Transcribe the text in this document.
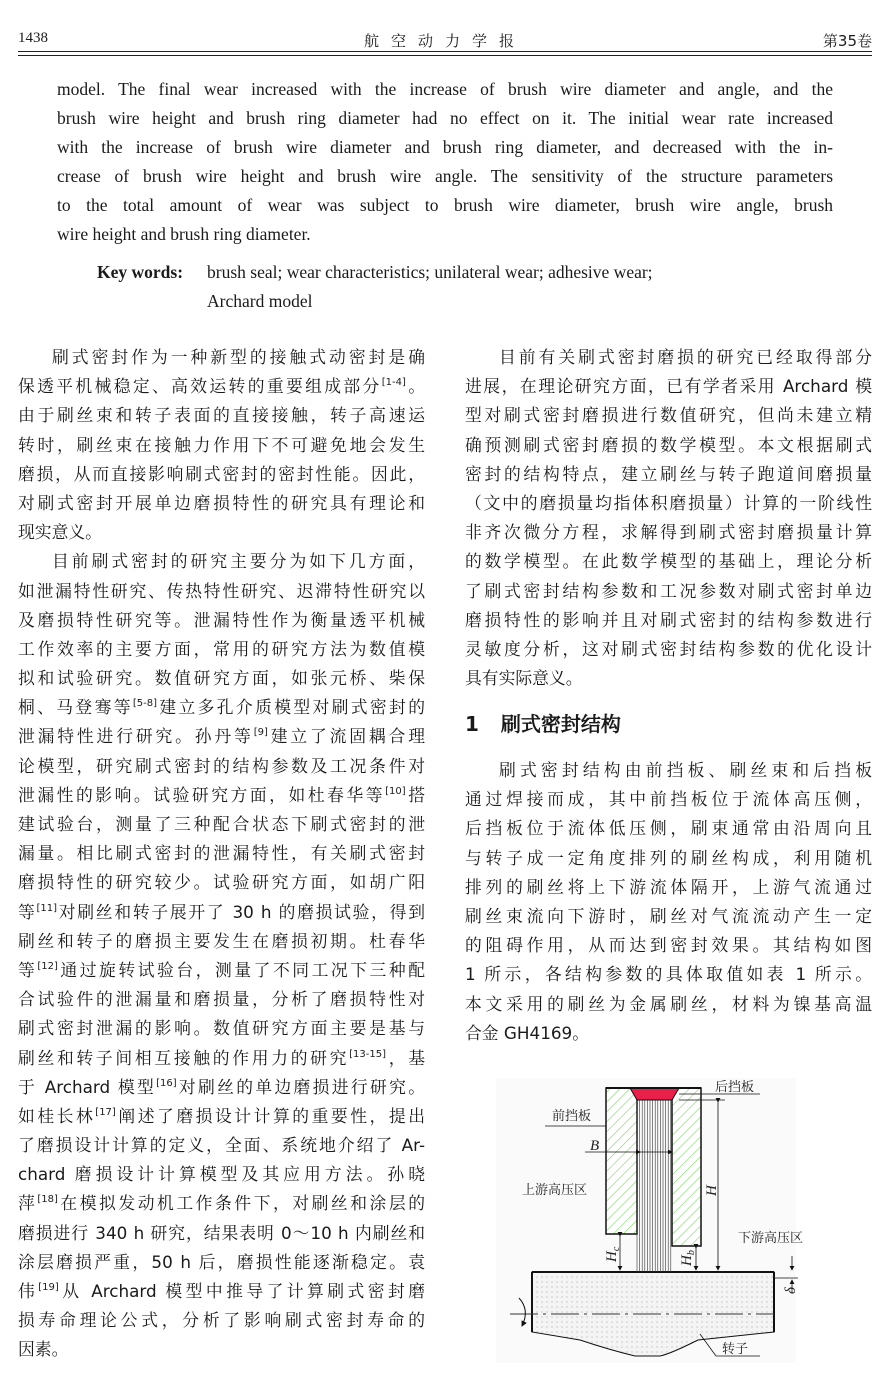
1438	航空动力学报	第35卷
model. The final wear increased with the increase of brush wire diameter and angle, and the
brush wire height and brush ring diameter had no effect on it. The initial wear rate increased
with the increase of brush wire diameter and brush ring diameter, and decreased with the in-
crease of brush wire height and brush wire angle. The sensitivity of the structure parameters
to the total amount of wear was subject to brush wire diameter, brush wire angle, brush
wire height and brush ring diameter.
Key words: brush seal; wear characteristics; unilateral wear; adhesive wear;
Archard model
刷式密封作为一种新型的接触式动密封是确
保透平机械稳定、高效运转的重要组成部分[1-4]。
由于刷丝束和转子表面的直接接触，转子高速运
转时，刷丝束在接触力作用下不可避免地会发生
磨损，从而直接影响刷式密封的密封性能。因此，
对刷式密封开展单边磨损特性的研究具有理论和
现实意义。
目前刷式密封的研究主要分为如下几方面，
如泄漏特性研究、传热特性研究、迟滞特性研究以
及磨损特性研究等。泄漏特性作为衡量透平机械
工作效率的主要方面，常用的研究方法为数值模
拟和试验研究。数值研究方面，如张元桥、柴保
桐、马登骞等[5-8]建立多孔介质模型对刷式密封的
泄漏特性进行研究。孙丹等[9]建立了流固耦合理
论模型，研究刷式密封的结构参数及工况条件对
泄漏性的影响。试验研究方面，如杜春华等[10]搭
建试验台，测量了三种配合状态下刷式密封的泄
漏量。相比刷式密封的泄漏特性，有关刷式密封
磨损特性的研究较少。试验研究方面，如胡广阳
等[11]对刷丝和转子展开了 30 h 的磨损试验，得到
刷丝和转子的磨损主要发生在磨损初期。杜春华
等[12]通过旋转试验台，测量了不同工况下三种配
合试验件的泄漏量和磨损量，分析了磨损特性对
刷式密封泄漏的影响。数值研究方面主要是基与
刷丝和转子间相互接触的作用力的研究[13-15]，基
于 Archard 模型[16]对刷丝的单边磨损进行研究。
如桂长林[17]阐述了磨损设计计算的重要性，提出
了磨损设计计算的定义，全面、系统地介绍了 Ar-
chard 磨损设计计算模型及其应用方法。孙晓
萍[18]在模拟发动机工作条件下，对刷丝和涂层的
磨损进行 340 h 研究，结果表明 0～10 h 内刷丝和
涂层磨损严重，50 h 后，磨损性能逐渐稳定。袁
伟[19]从 Archard 模型中推导了计算刷式密封磨
损寿命理论公式，分析了影响刷式密封寿命的
因素。
目前有关刷式密封磨损的研究已经取得部分
进展，在理论研究方面，已有学者采用 Archard 模
型对刷式密封磨损进行数值研究，但尚未建立精
确预测刷式密封磨损的数学模型。本文根据刷式
密封的结构特点，建立刷丝与转子跑道间磨损量
（文中的磨损量均指体积磨损量）计算的一阶线性
非齐次微分方程，求解得到刷式密封磨损量计算
的数学模型。在此数学模型的基础上，理论分析
了刷式密封结构参数和工况参数对刷式密封单边
磨损特性的影响并且对刷式密封的结构参数进行
灵敏度分析，这对刷式密封结构参数的优化设计
具有实际意义。
1 刷式密封结构
刷式密封结构由前挡板、刷丝束和后挡板
通过焊接而成，其中前挡板位于流体高压侧，
后挡板位于流体低压侧，刷束通常由沿周向且
与转子成一定角度排列的刷丝构成，利用随机
排列的刷丝将上下游流体隔开，上游气流通过
刷丝束流向下游时，刷丝对气流流动产生一定
的阻碍作用，从而达到密封效果。其结构如图
1 所示，各结构参数的具体取值如表 1 所示。
本文采用的刷丝为金属刷丝，材料为镍基高温
合金 GH4169。
后挡板
前挡板
B
上游高压区	H
下游高压区
$H_c$
$H_b$
δ
转子
